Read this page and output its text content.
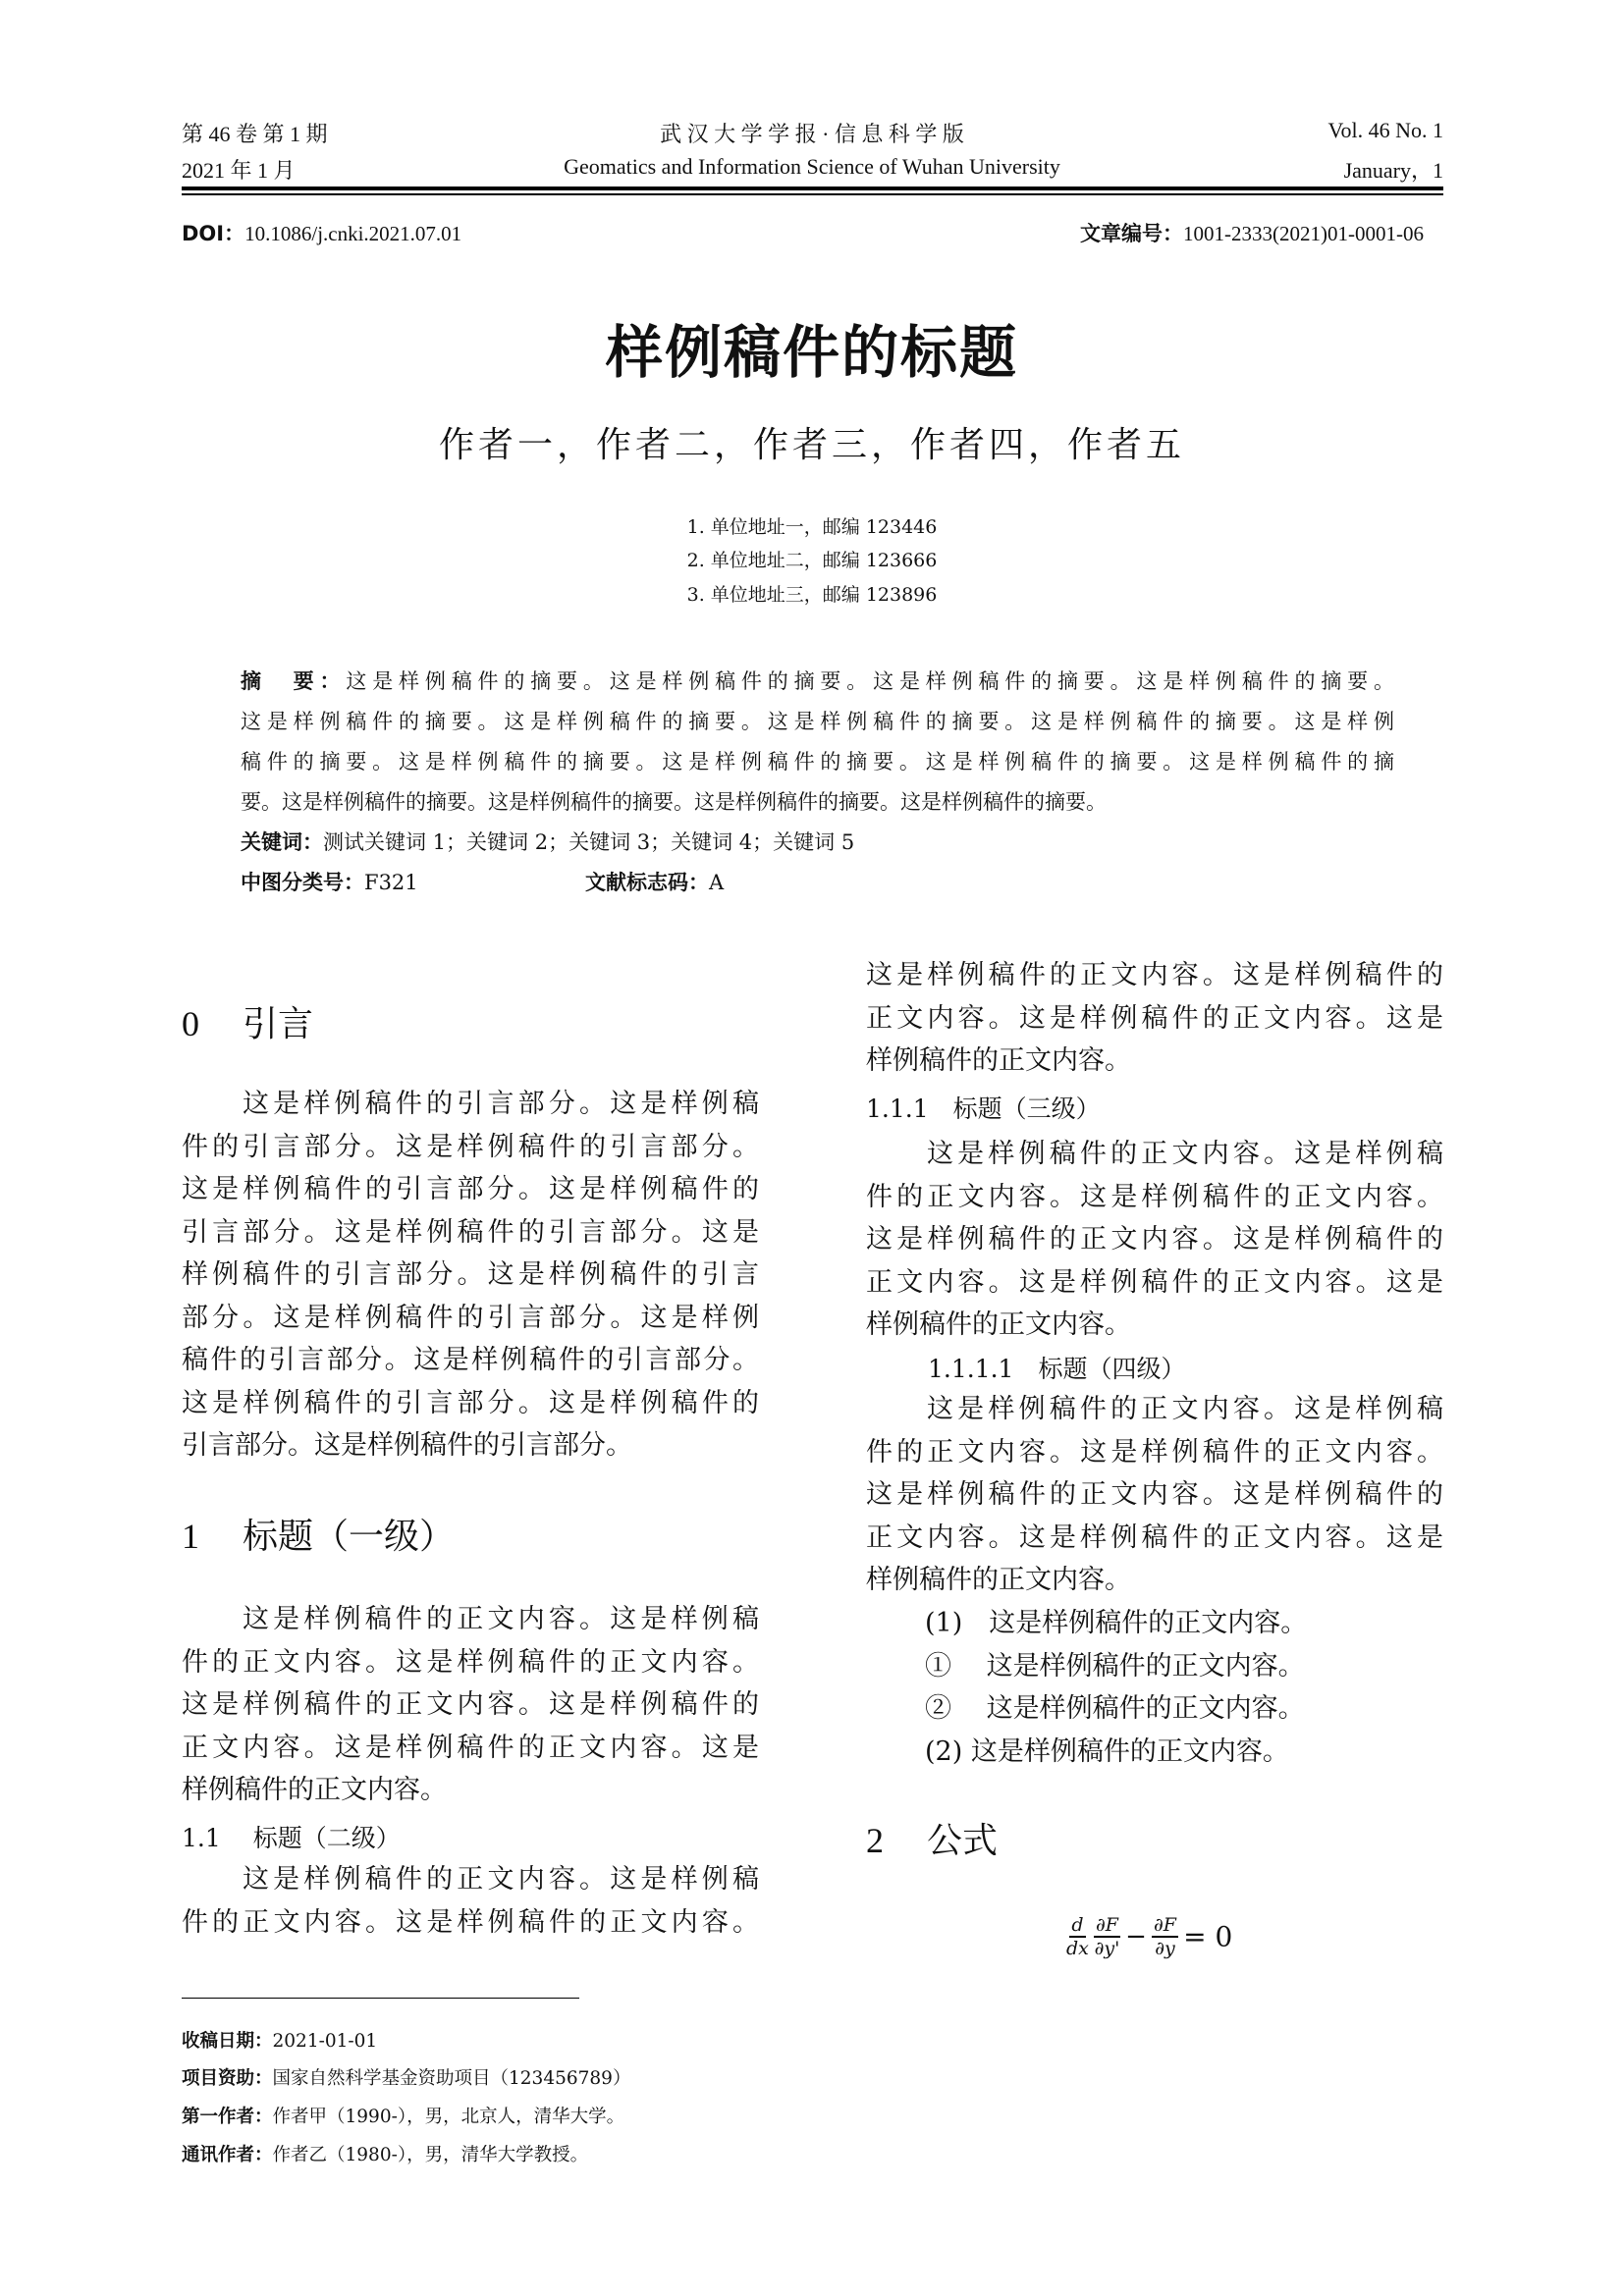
第 46 卷 第 1 期
2021 年 1 月
武 汉 大 学 学 报 · 信 息 科 学 版
Geomatics and Information Science of Wuhan University
Vol. 46 No. 1
January，1
DOI：10.1086/j.cnki.2021.07.01	文章编号：1001-2333(2021)01-0001-06
样例稿件的标题
作者一，作者二，作者三，作者四，作者五
1. 单位地址一，邮编 123446
2. 单位地址二，邮编 123666
3. 单位地址三，邮编 123896
摘　要：这是样例稿件的摘要。这是样例稿件的摘要。这是样例稿件的摘要。这是样例稿件的摘要。
这是样例稿件的摘要。这是样例稿件的摘要。这是样例稿件的摘要。这是样例稿件的摘要。这是样例
稿件的摘要。这是样例稿件的摘要。这是样例稿件的摘要。这是样例稿件的摘要。这是样例稿件的摘
要。这是样例稿件的摘要。这是样例稿件的摘要。这是样例稿件的摘要。这是样例稿件的摘要。
关键词：测试关键词 1；关键词 2；关键词 3；关键词 4；关键词 5
中图分类号：F321	文献标志码：A
0 引言
这是样例稿件的引言部分。这是样例稿
件的引言部分。这是样例稿件的引言部分。
这是样例稿件的引言部分。这是样例稿件的
引言部分。这是样例稿件的引言部分。这是
样例稿件的引言部分。这是样例稿件的引言
部分。这是样例稿件的引言部分。这是样例
稿件的引言部分。这是样例稿件的引言部分。
这是样例稿件的引言部分。这是样例稿件的
引言部分。这是样例稿件的引言部分。
1 标题（一级）
这是样例稿件的正文内容。这是样例稿
件的正文内容。这是样例稿件的正文内容。
这是样例稿件的正文内容。这是样例稿件的
正文内容。这是样例稿件的正文内容。这是
样例稿件的正文内容。
1.1　 标题（二级）
这是样例稿件的正文内容。这是样例稿
件的正文内容。这是样例稿件的正文内容。
收稿日期：2021-01-01
项目资助：国家自然科学基金资助项目（123456789）
第一作者：作者甲（1990-），男，北京人，清华大学。
通讯作者：作者乙（1980-），男，清华大学教授。
这是样例稿件的正文内容。这是样例稿件的
正文内容。这是样例稿件的正文内容。这是
样例稿件的正文内容。
1.1.1　标题（三级）
这是样例稿件的正文内容。这是样例稿
件的正文内容。这是样例稿件的正文内容。
这是样例稿件的正文内容。这是样例稿件的
正文内容。这是样例稿件的正文内容。这是
样例稿件的正文内容。
1.1.1.1　标题（四级）
这是样例稿件的正文内容。这是样例稿
件的正文内容。这是样例稿件的正文内容。
这是样例稿件的正文内容。这是样例稿件的
正文内容。这是样例稿件的正文内容。这是
样例稿件的正文内容。
(1)　这是样例稿件的正文内容。
①　 这是样例稿件的正文内容。
②　 这是样例稿件的正文内容。
(2) 这是样例稿件的正文内容。
2 公式
$\frac{d}{dx}$
$\frac{\partial F}{\partial y'} - \frac{\partial F}{\partial y} = 0$
